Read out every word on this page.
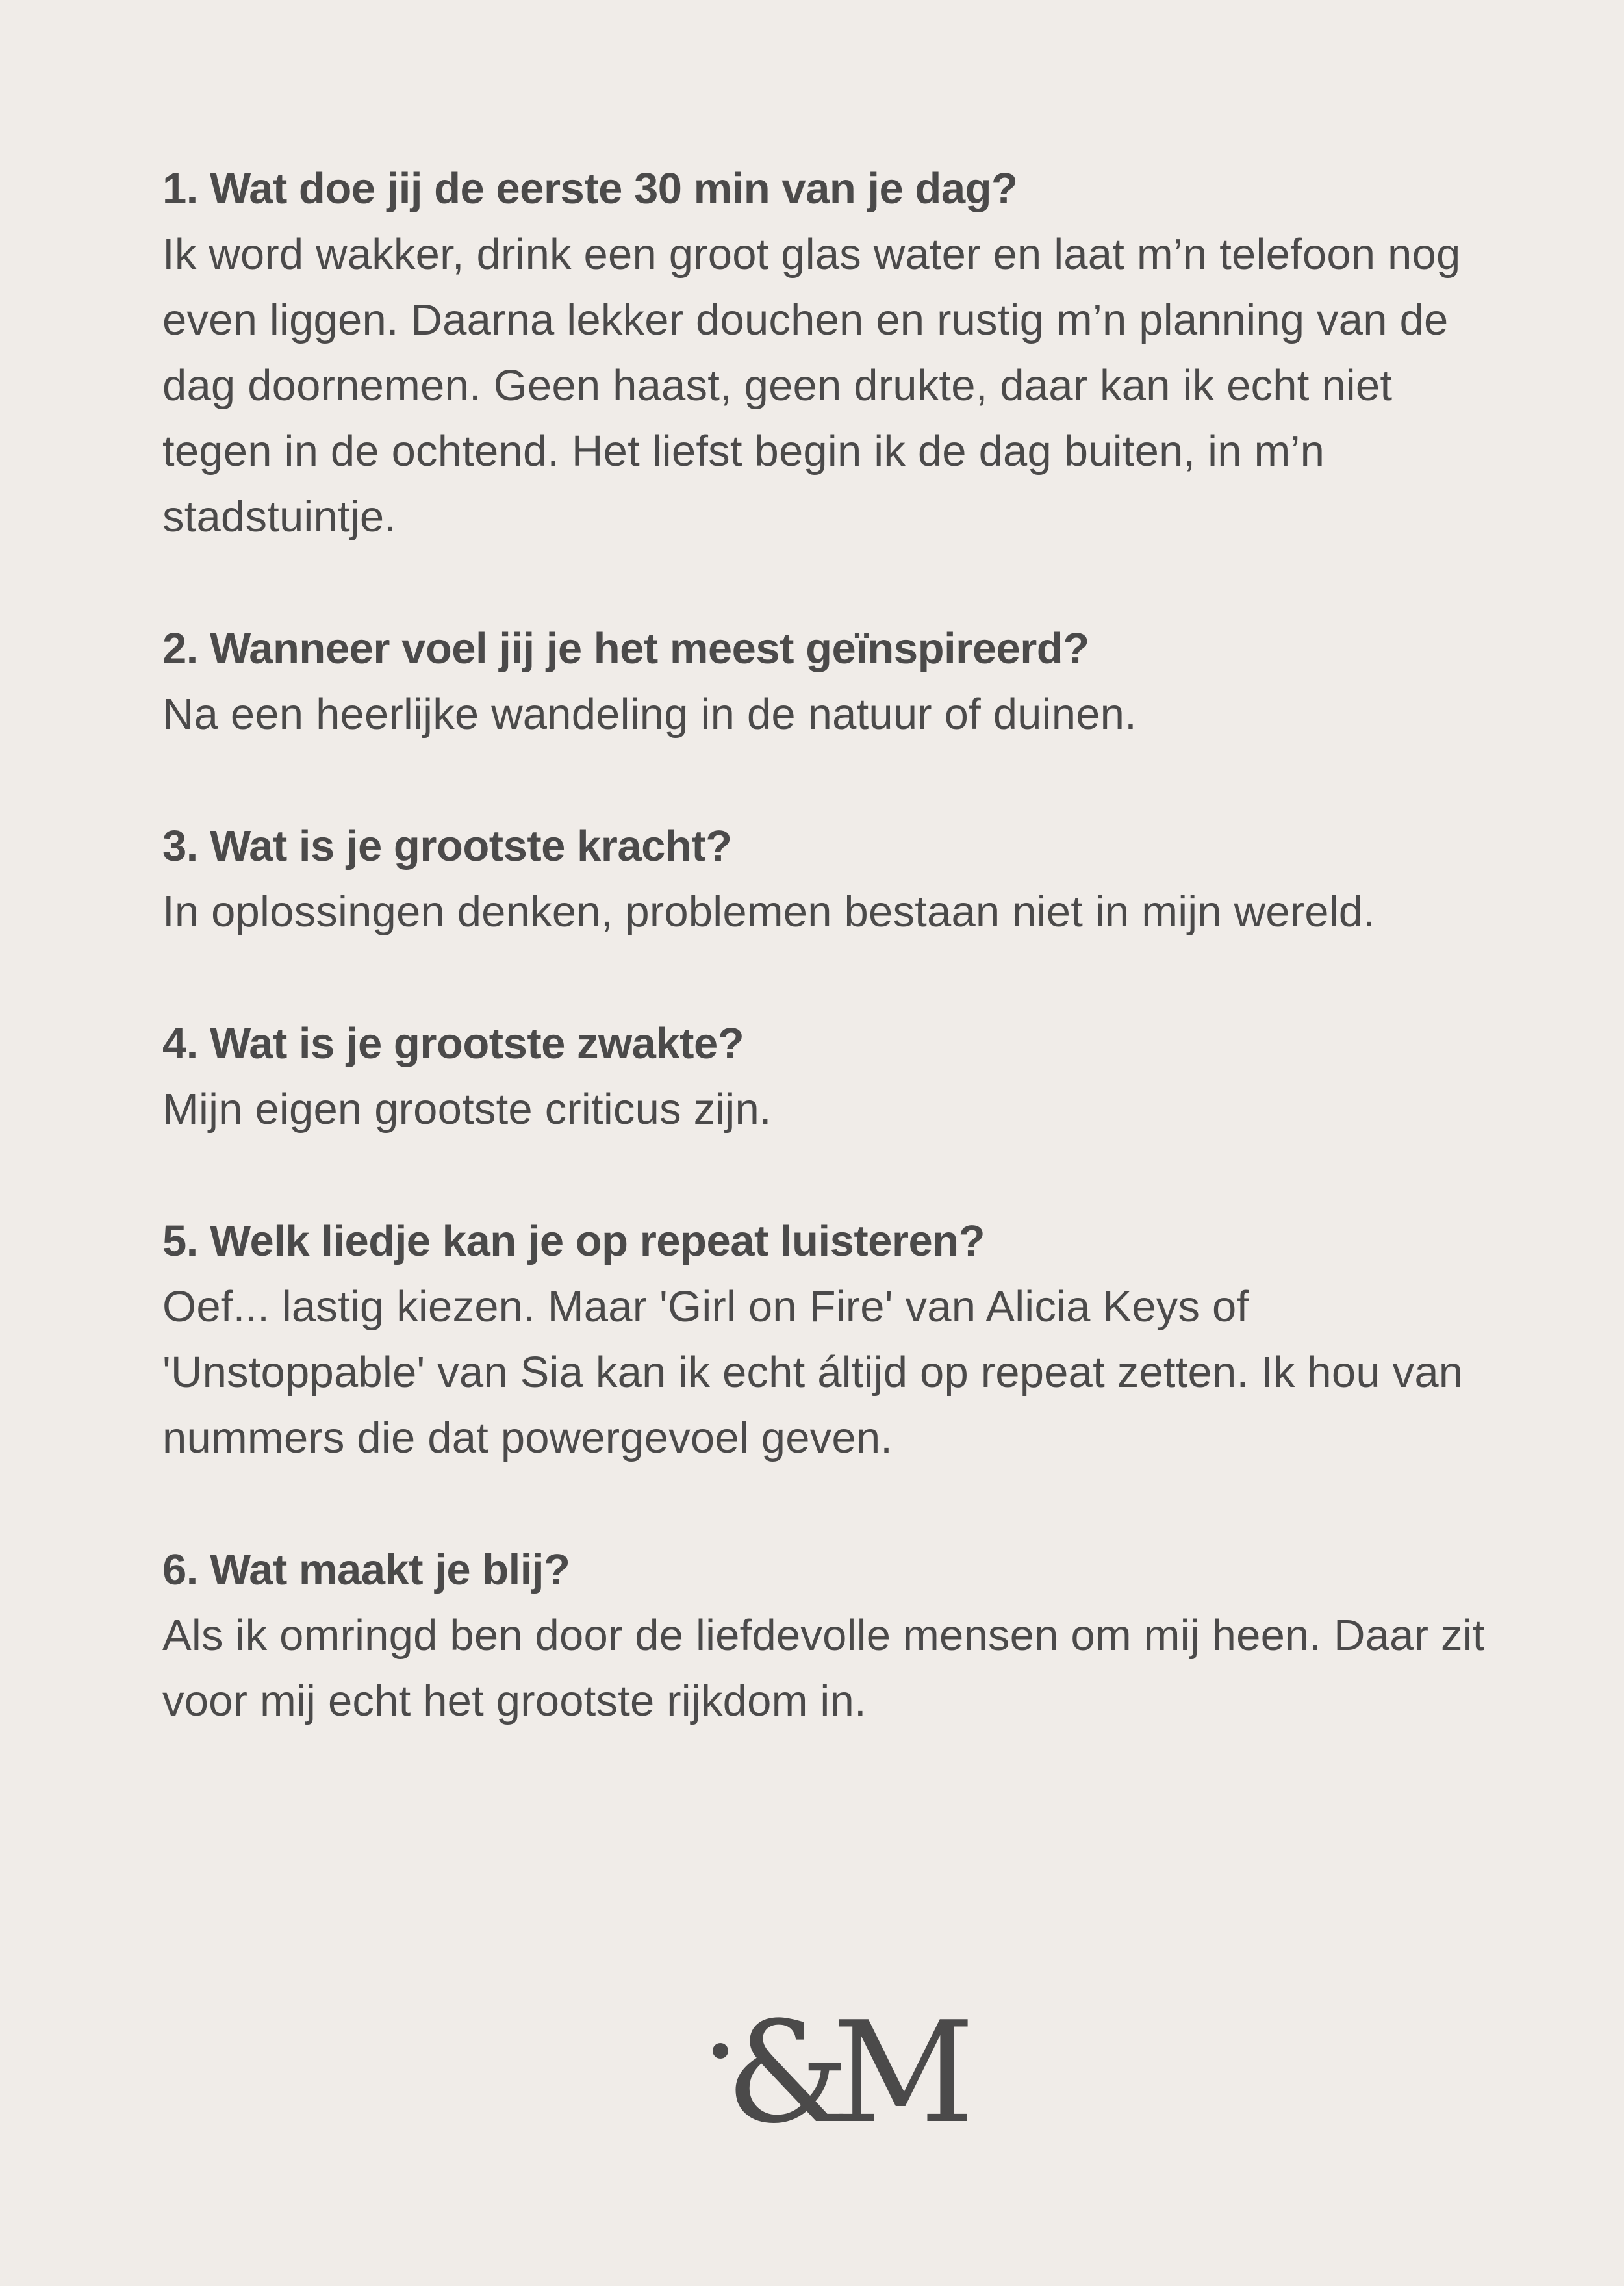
1. Wat doe jij de eerste 30 min van je dag?

Ik word wakker, drink een groot glas water en laat m’n telefoon nog even liggen. Daarna lekker douchen en rustig m’n planning van de dag doornemen. Geen haast, geen drukte, daar kan ik echt niet tegen in de ochtend. Het liefst begin ik de dag buiten, in m’n stadstuintje.

2. Wanneer voel jij je het meest geïnspireerd?

Na een heerlijke wandeling in de natuur of duinen.

3. Wat is je grootste kracht?

In oplossingen denken, problemen bestaan niet in mijn wereld.

4. Wat is je grootste zwakte?

Mijn eigen grootste criticus zijn.

5. Welk liedje kan je op repeat luisteren?

Oef... lastig kiezen. Maar 'Girl on Fire' van Alicia Keys of 'Unstoppable' van Sia kan ik echt áltijd op repeat zetten. Ik hou van nummers die dat powergevoel geven.

6. Wat maakt je blij?

Als ik omringd ben door de liefdevolle mensen om mij heen. Daar zit voor mij echt het grootste rijkdom in.

&M
